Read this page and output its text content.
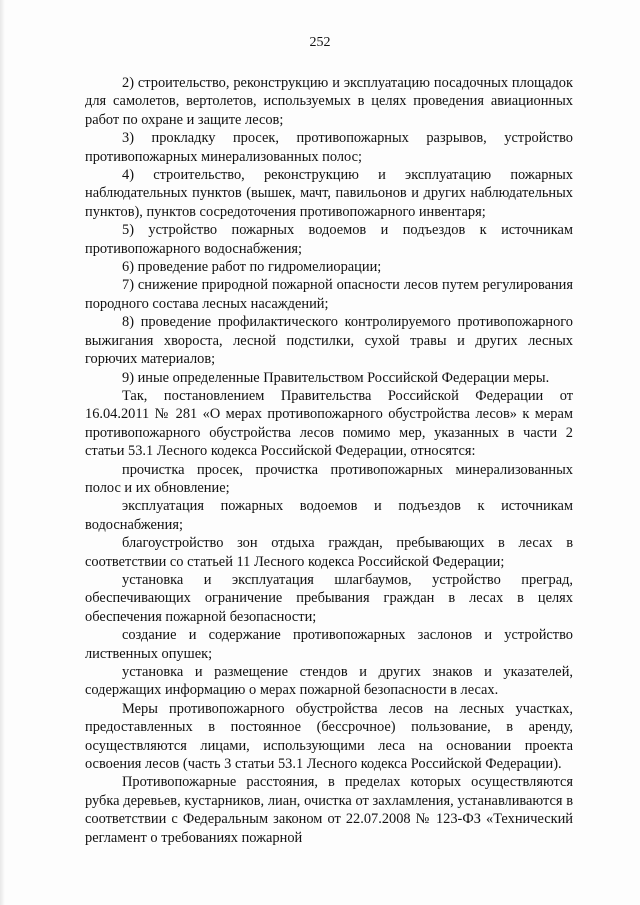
252

2) строительство, реконструкцию и эксплуатацию посадочных площадок для самолетов, вертолетов, используемых в целях проведения авиационных работ по охране и защите лесов;

3) прокладку просек, противопожарных разрывов, устройство противопожарных минерализованных полос;

4) строительство, реконструкцию и эксплуатацию пожарных наблюдательных пунктов (вышек, мачт, павильонов и других наблюдательных пунктов), пунктов сосредоточения противопожарного инвентаря;

5) устройство пожарных водоемов и подъездов к источникам противопожарного водоснабжения;

6) проведение работ по гидромелиорации;

7) снижение природной пожарной опасности лесов путем регулирования породного состава лесных насаждений;

8) проведение профилактического контролируемого противопожарного выжигания хвороста, лесной подстилки, сухой травы и других лесных горючих материалов;

9) иные определенные Правительством Российской Федерации меры.

Так, постановлением Правительства Российской Федерации от 16.04.2011 № 281 «О мерах противопожарного обустройства лесов» к мерам противопожарного обустройства лесов помимо мер, указанных в части 2 статьи 53.1 Лесного кодекса Российской Федерации, относятся:

прочистка просек, прочистка противопожарных минерализованных полос и их обновление;

эксплуатация пожарных водоемов и подъездов к источникам водоснабжения;

благоустройство зон отдыха граждан, пребывающих в лесах в соответствии со статьей 11 Лесного кодекса Российской Федерации;

установка и эксплуатация шлагбаумов, устройство преград, обеспечивающих ограничение пребывания граждан в лесах в целях обеспечения пожарной безопасности;

создание и содержание противопожарных заслонов и устройство лиственных опушек;

установка и размещение стендов и других знаков и указателей, содержащих информацию о мерах пожарной безопасности в лесах.

Меры противопожарного обустройства лесов на лесных участках, предоставленных в постоянное (бессрочное) пользование, в аренду, осуществляются лицами, использующими леса на основании проекта освоения лесов (часть 3 статьи 53.1 Лесного кодекса Российской Федерации).

Противопожарные расстояния, в пределах которых осуществляются рубка деревьев, кустарников, лиан, очистка от захламления, устанавливаются в соответствии с Федеральным законом от 22.07.2008 № 123-ФЗ «Технический регламент о требованиях пожарной
